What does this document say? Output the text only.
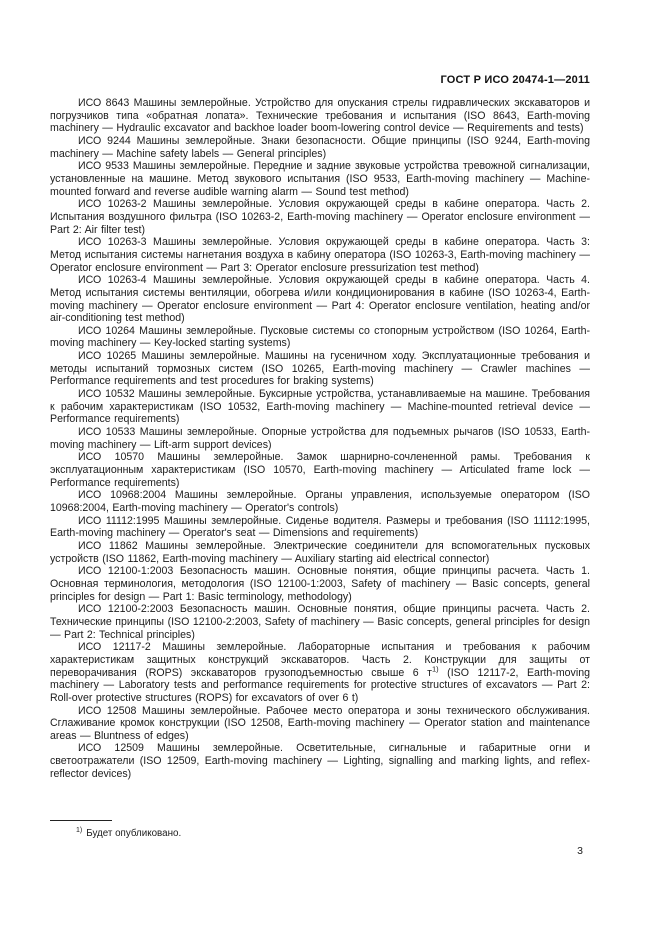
ГОСТ Р ИСО 20474-1—2011

ИСО 8643 Машины землеройные. Устройство для опускания стрелы гидравлических экскаваторов и погрузчиков типа «обратная лопата». Технические требования и испытания (ISO 8643, Earth-moving machinery — Hydraulic excavator and backhoe loader boom-lowering control device — Requirements and tests)

ИСО 9244 Машины землеройные. Знаки безопасности. Общие принципы (ISO 9244, Earth-moving machinery — Machine safety labels — General principles)

ИСО 9533 Машины землеройные. Передние и задние звуковые устройства тревожной сигнализации, установленные на машине. Метод звукового испытания (ISO 9533, Earth-moving machinery — Machine-mounted forward and reverse audible warning alarm — Sound test method)

ИСО 10263-2 Машины землеройные. Условия окружающей среды в кабине оператора. Часть 2. Испытания воздушного фильтра (ISO 10263-2, Earth-moving machinery — Operator enclosure environment — Part 2: Air filter test)

ИСО 10263-3 Машины землеройные. Условия окружающей среды в кабине оператора. Часть 3: Метод испытания системы нагнетания воздуха в кабину оператора (ISO 10263-3, Earth-moving machinery — Operator enclosure environment — Part 3: Operator enclosure pressurization test method)

ИСО 10263-4 Машины землеройные. Условия окружающей среды в кабине оператора. Часть 4. Метод испытания системы вентиляции, обогрева и/или кондиционирования в кабине (ISO 10263-4, Earth-moving machinery — Operator enclosure environment — Part 4: Operator enclosure ventilation, heating and/or air-conditioning test method)

ИСО 10264 Машины землеройные. Пусковые системы со стопорным устройством (ISO 10264, Earth-moving machinery — Key-locked starting systems)

ИСО 10265 Машины землеройные. Машины на гусеничном ходу. Эксплуатационные требования и методы испытаний тормозных систем (ISO 10265, Earth-moving machinery — Crawler machines — Performance requirements and test procedures for braking systems)

ИСО 10532 Машины землеройные. Буксирные устройства, устанавливаемые на машине. Требования к рабочим характеристикам (ISO 10532, Earth-moving machinery — Machine-mounted retrieval device — Performance requirements)

ИСО 10533 Машины землеройные. Опорные устройства для подъемных рычагов (ISO 10533, Earth-moving machinery — Lift-arm support devices)

ИСО 10570 Машины землеройные. Замок шарнирно-сочлененной рамы. Требования к эксплуатационным характеристикам (ISO 10570, Earth-moving machinery — Articulated frame lock — Performance requirements)

ИСО 10968:2004 Машины землеройные. Органы управления, используемые оператором (ISO 10968:2004, Earth-moving machinery — Operator's controls)

ИСО 11112:1995 Машины землеройные. Сиденье водителя. Размеры и требования (ISO 11112:1995, Earth-moving machinery — Operator's seat — Dimensions and requirements)

ИСО 11862 Машины землеройные. Электрические соединители для вспомогательных пусковых устройств (ISO 11862, Earth-moving machinery — Auxiliary starting aid electrical connector)

ИСО 12100-1:2003 Безопасность машин. Основные понятия, общие принципы расчета. Часть 1. Основная терминология, методология (ISO 12100-1:2003, Safety of machinery — Basic concepts, general principles for design — Part 1: Basic terminology, methodology)

ИСО 12100-2:2003 Безопасность машин. Основные понятия, общие принципы расчета. Часть 2. Технические принципы (ISO 12100-2:2003, Safety of machinery — Basic concepts, general principles for design — Part 2: Technical principles)

ИСО 12117-2 Машины землеройные. Лабораторные испытания и требования к рабочим характеристикам защитных конструкций экскаваторов. Часть 2. Конструкции для защиты от переворачивания (ROPS) экскаваторов грузоподъемностью свыше 6 $т^{1)}$ (ISO 12117-2, Earth-moving machinery — Laboratory tests and performance requirements for protective structures of excavators — Part 2: Roll-over protective structures (ROPS) for excavators of over 6 t)

ИСО 12508 Машины землеройные. Рабочее место оператора и зоны технического обслуживания. Сглаживание кромок конструкции (ISO 12508, Earth-moving machinery — Operator station and maintenance areas — Bluntness of edges)

ИСО 12509 Машины землеройные. Осветительные, сигнальные и габаритные огни и светоотражатели (ISO 12509, Earth-moving machinery — Lighting, signalling and marking lights, and reflex-reflector devices)

$^{1)}$ Будет опубликовано.

3
